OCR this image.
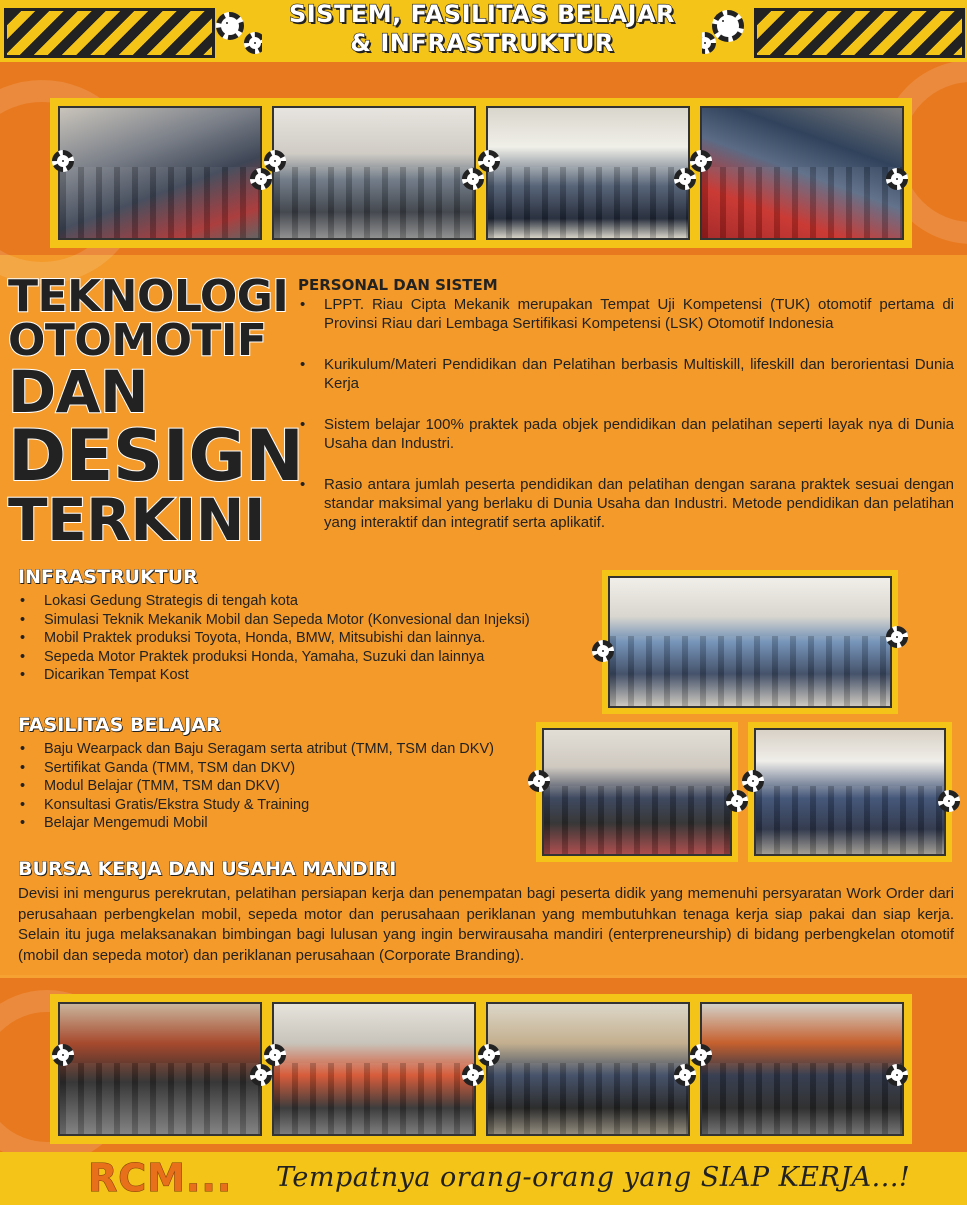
SISTEM, FASILITAS BELAJAR
& INFRASTRUKTUR
TEKNOLOGI
OTOMOTIF
DAN
DESIGN
TERKINI
PERSONAL DAN SISTEM
• LPPT. Riau Cipta Mekanik merupakan Tempat Uji Kompetensi (TUK) otomotif pertama di Provinsi Riau dari Lembaga Sertifikasi Kompetensi (LSK) Otomotif Indonesia
• Kurikulum/Materi Pendidikan dan Pelatihan berbasis Multiskill, lifeskill dan berorientasi Dunia Kerja
• Sistem belajar 100% praktek pada objek pendidikan dan pelatihan seperti layak nya di Dunia Usaha dan Industri.
• Rasio antara jumlah peserta pendidikan dan pelatihan dengan sarana praktek sesuai dengan standar maksimal yang berlaku di Dunia Usaha dan Industri. Metode pendidikan dan pelatihan yang interaktif dan integratif serta aplikatif.
INFRASTRUKTUR
• Lokasi Gedung Strategis di tengah kota
• Simulasi Teknik Mekanik Mobil dan Sepeda Motor (Konvesional dan Injeksi)
• Mobil Praktek produksi Toyota, Honda, BMW, Mitsubishi dan lainnya.
• Sepeda Motor Praktek produksi Honda, Yamaha, Suzuki dan lainnya
• Dicarikan Tempat Kost
FASILITAS BELAJAR
• Baju Wearpack dan Baju Seragam serta atribut (TMM, TSM dan DKV)
• Sertifikat Ganda (TMM, TSM dan DKV)
• Modul Belajar (TMM, TSM dan DKV)
• Konsultasi Gratis/Ekstra Study & Training
• Belajar Mengemudi Mobil
BURSA KERJA DAN USAHA MANDIRI

Devisi ini mengurus perekrutan, pelatihan persiapan kerja dan penempatan bagi peserta didik yang memenuhi persyaratan Work Order dari perusahaan perbengkelan mobil, sepeda motor dan perusahaan periklanan yang membutuhkan tenaga kerja siap pakai dan siap kerja. Selain itu juga melaksanakan bimbingan bagi lulusan yang ingin berwirausaha mandiri (enterpreneurship) di bidang perbengkelan otomotif (mobil dan sepeda motor) dan periklanan perusahaan (Corporate Branding).

RCM... Tempatnya orang-orang yang SIAP KERJA...!
